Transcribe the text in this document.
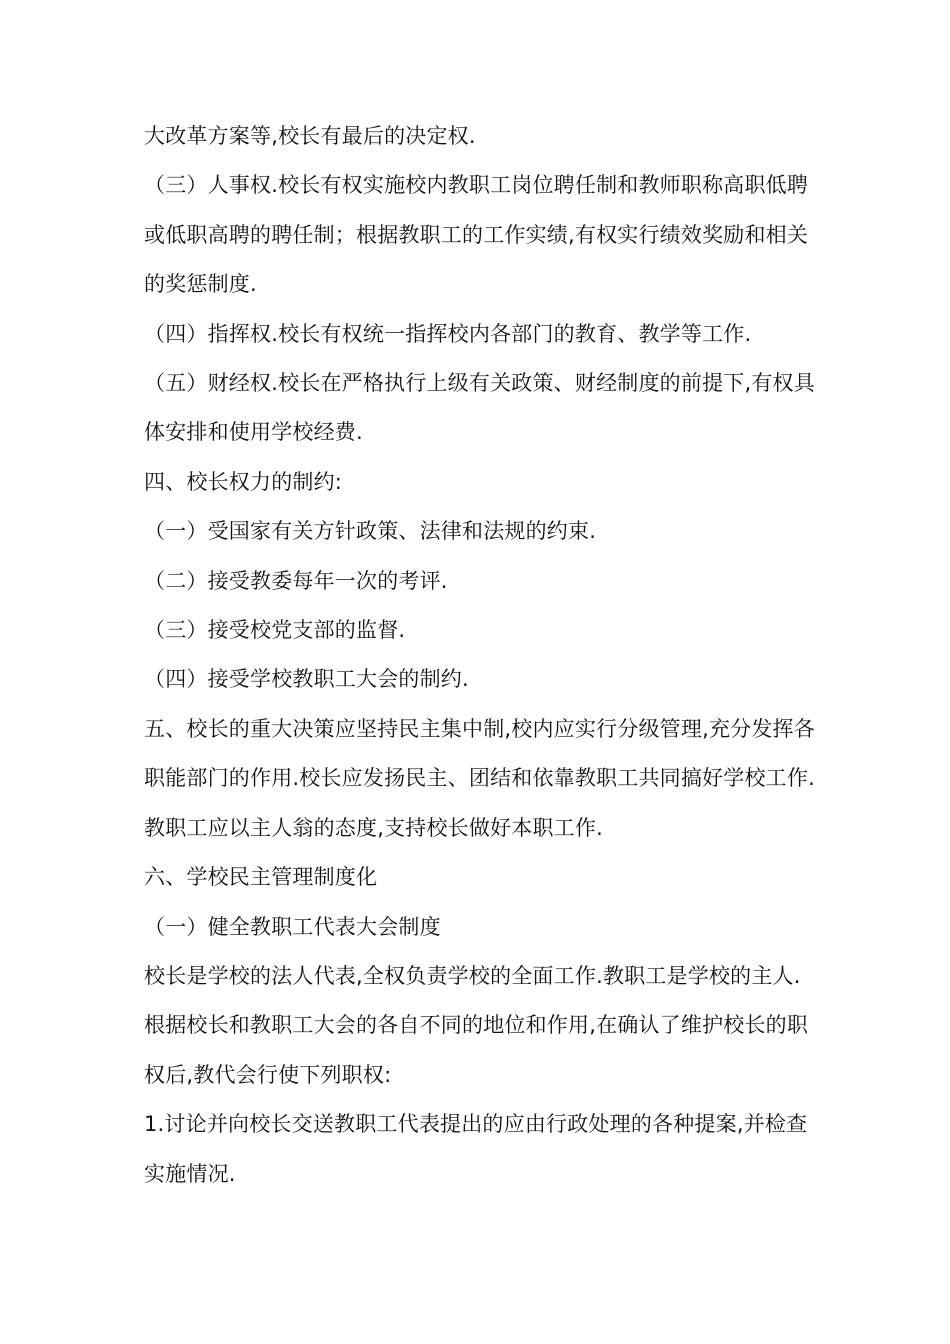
大改革方案等,校长有最后的决定权.

（三）人事权.校长有权实施校内教职工岗位聘任制和教师职称高职低聘或低职高聘的聘任制；根据教职工的工作实绩,有权实行绩效奖励和相关的奖惩制度.

（四）指挥权.校长有权统一指挥校内各部门的教育、教学等工作.

（五）财经权.校长在严格执行上级有关政策、财经制度的前提下,有权具体安排和使用学校经费.

四、校长权力的制约:

（一）受国家有关方针政策、法律和法规的约束.

（二）接受教委每年一次的考评.

（三）接受校党支部的监督.

（四）接受学校教职工大会的制约.

五、校长的重大决策应坚持民主集中制,校内应实行分级管理,充分发挥各职能部门的作用.校长应发扬民主、团结和依靠教职工共同搞好学校工作.教职工应以主人翁的态度,支持校长做好本职工作.

六、学校民主管理制度化

（一）健全教职工代表大会制度

校长是学校的法人代表,全权负责学校的全面工作.教职工是学校的主人.根据校长和教职工大会的各自不同的地位和作用,在确认了维护校长的职权后,教代会行使下列职权:

1.讨论并向校长交送教职工代表提出的应由行政处理的各种提案,并检查实施情况.
